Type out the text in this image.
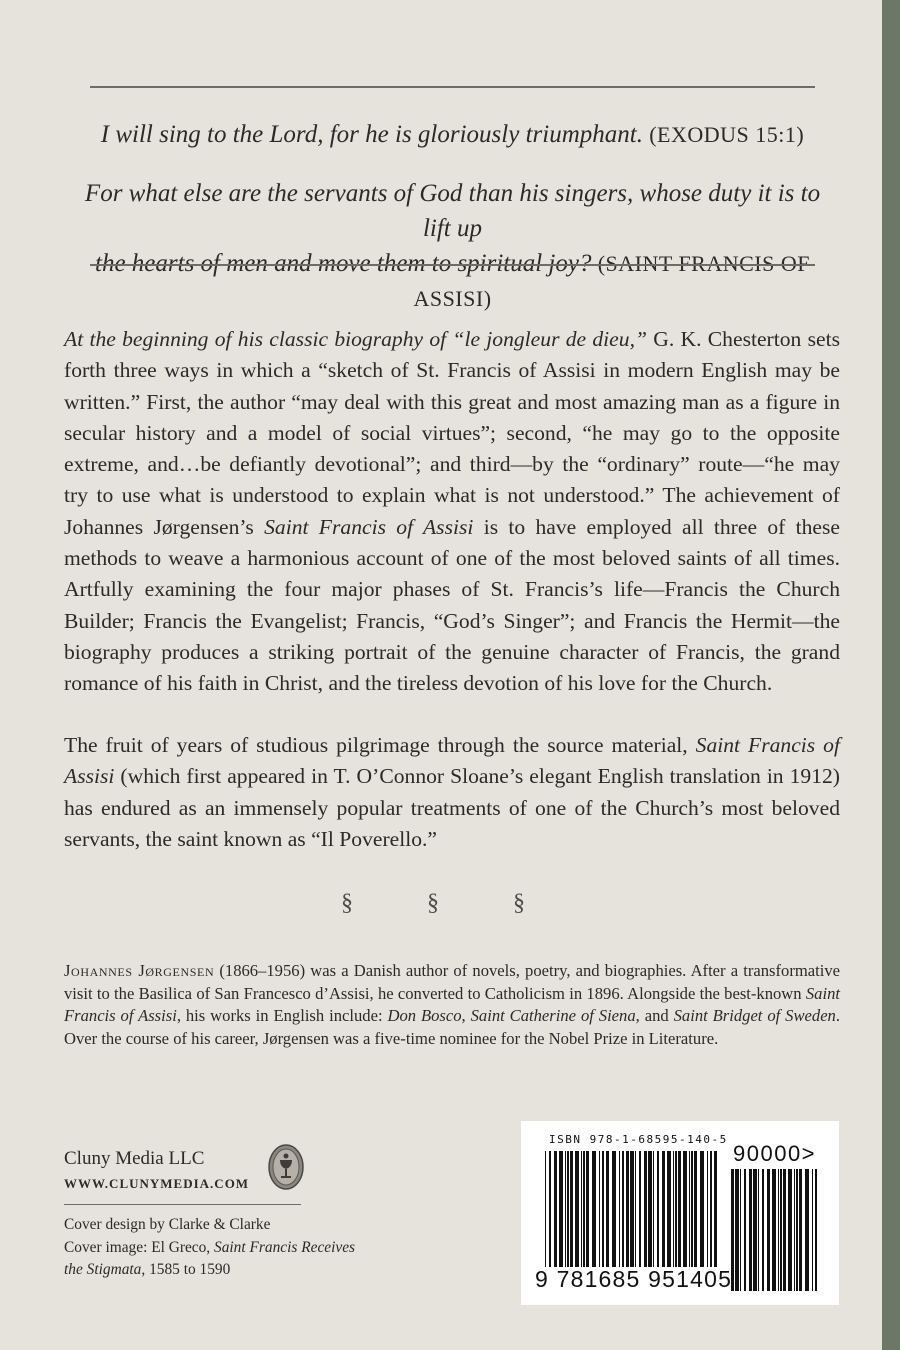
I will sing to the Lord, for he is gloriously triumphant. (EXODUS 15:1)
For what else are the servants of God than his singers, whose duty it is to lift up
the hearts of men and move them to spiritual joy? (SAINT FRANCIS OF ASSISI)
At the beginning of his classic biography of “le jongleur de dieu,” G. K. Chesterton sets forth three ways in which a “sketch of St. Francis of Assisi in modern English may be written.” First, the author “may deal with this great and most amazing man as a figure in secular history and a model of social virtues”; second, “he may go to the opposite extreme, and…be defiantly devotional”; and third—by the “ordinary” route—“he may try to use what is understood to explain what is not understood.” The achievement of Johannes Jørgensen’s Saint Francis of Assisi is to have employed all three of these methods to weave a harmonious account of one of the most beloved saints of all times. Artfully examining the four major phases of St. Francis’s life—Francis the Church Builder; Francis the Evangelist; Francis, “God’s Singer”; and Francis the Hermit—the biography produces a striking portrait of the genuine character of Francis, the grand romance of his faith in Christ, and the tireless devotion of his love for the Church.
The fruit of years of studious pilgrimage through the source material, Saint Francis of Assisi (which first appeared in T. O’Connor Sloane’s elegant English translation in 1912) has endured as an immensely popular treatments of one of the Church’s most beloved servants, the saint known as “Il Poverello.”
§ § §
Johannes Jørgensen (1866–1956) was a Danish author of novels, poetry, and biographies. After a transformative visit to the Basilica of San Francesco d’Assisi, he converted to Catholicism in 1896. Alongside the best-known Saint Francis of Assisi, his works in English include: Don Bosco, Saint Catherine of Siena, and Saint Bridget of Sweden. Over the course of his career, Jørgensen was a five-time nominee for the Nobel Prize in Literature.
Cluny Media LLC
WWW.CLUNYMEDIA.COM
Cover design by Clarke & Clarke
Cover image: El Greco, Saint Francis Receives
the Stigmata, 1585 to 1590
ISBN 978-1-68595-140-5
90000>
9 781685 951405
